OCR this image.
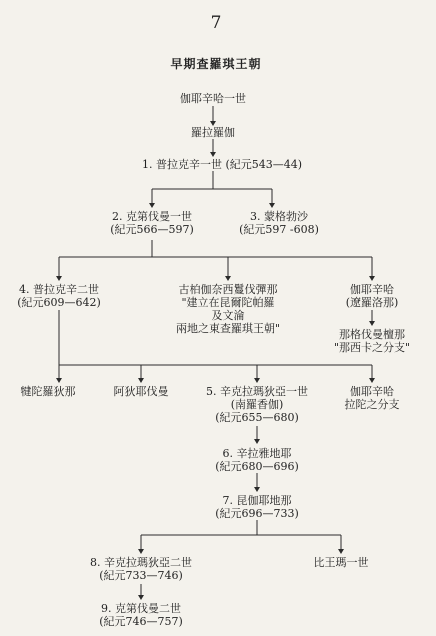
7
早期查羅琪王朝
伽耶辛哈一世
羅拉羅伽
1. 普拉克辛一世 (紀元543—44)
2. 克第伐曼一世
(紀元566—597)
3. 蒙格勃沙
(紀元597 -608)
4. 普拉克辛二世
(紀元609—642)
古柏伽奈西鬘伐彈那
"建立在昆爾陀帕羅
及文淪
兩地之東查羅琪王朝"
伽耶辛哈
(遼羅洛那)
那格伐曼檀那
"那西卡之分支"
犍陀羅狄那	阿狄耶伐曼	5. 辛克拉瑪狄亞一世
(南羅香伽)
(紀元655—680)
伽耶辛哈
拉陀之分支
6. 辛拉雅地耶
(紀元680—696)
7. 昆伽耶地那
(紀元696—733)
8. 辛克拉瑪狄亞二世
(紀元733—746)
比王瑪一世
9. 克第伐曼二世
(紀元746—757)
